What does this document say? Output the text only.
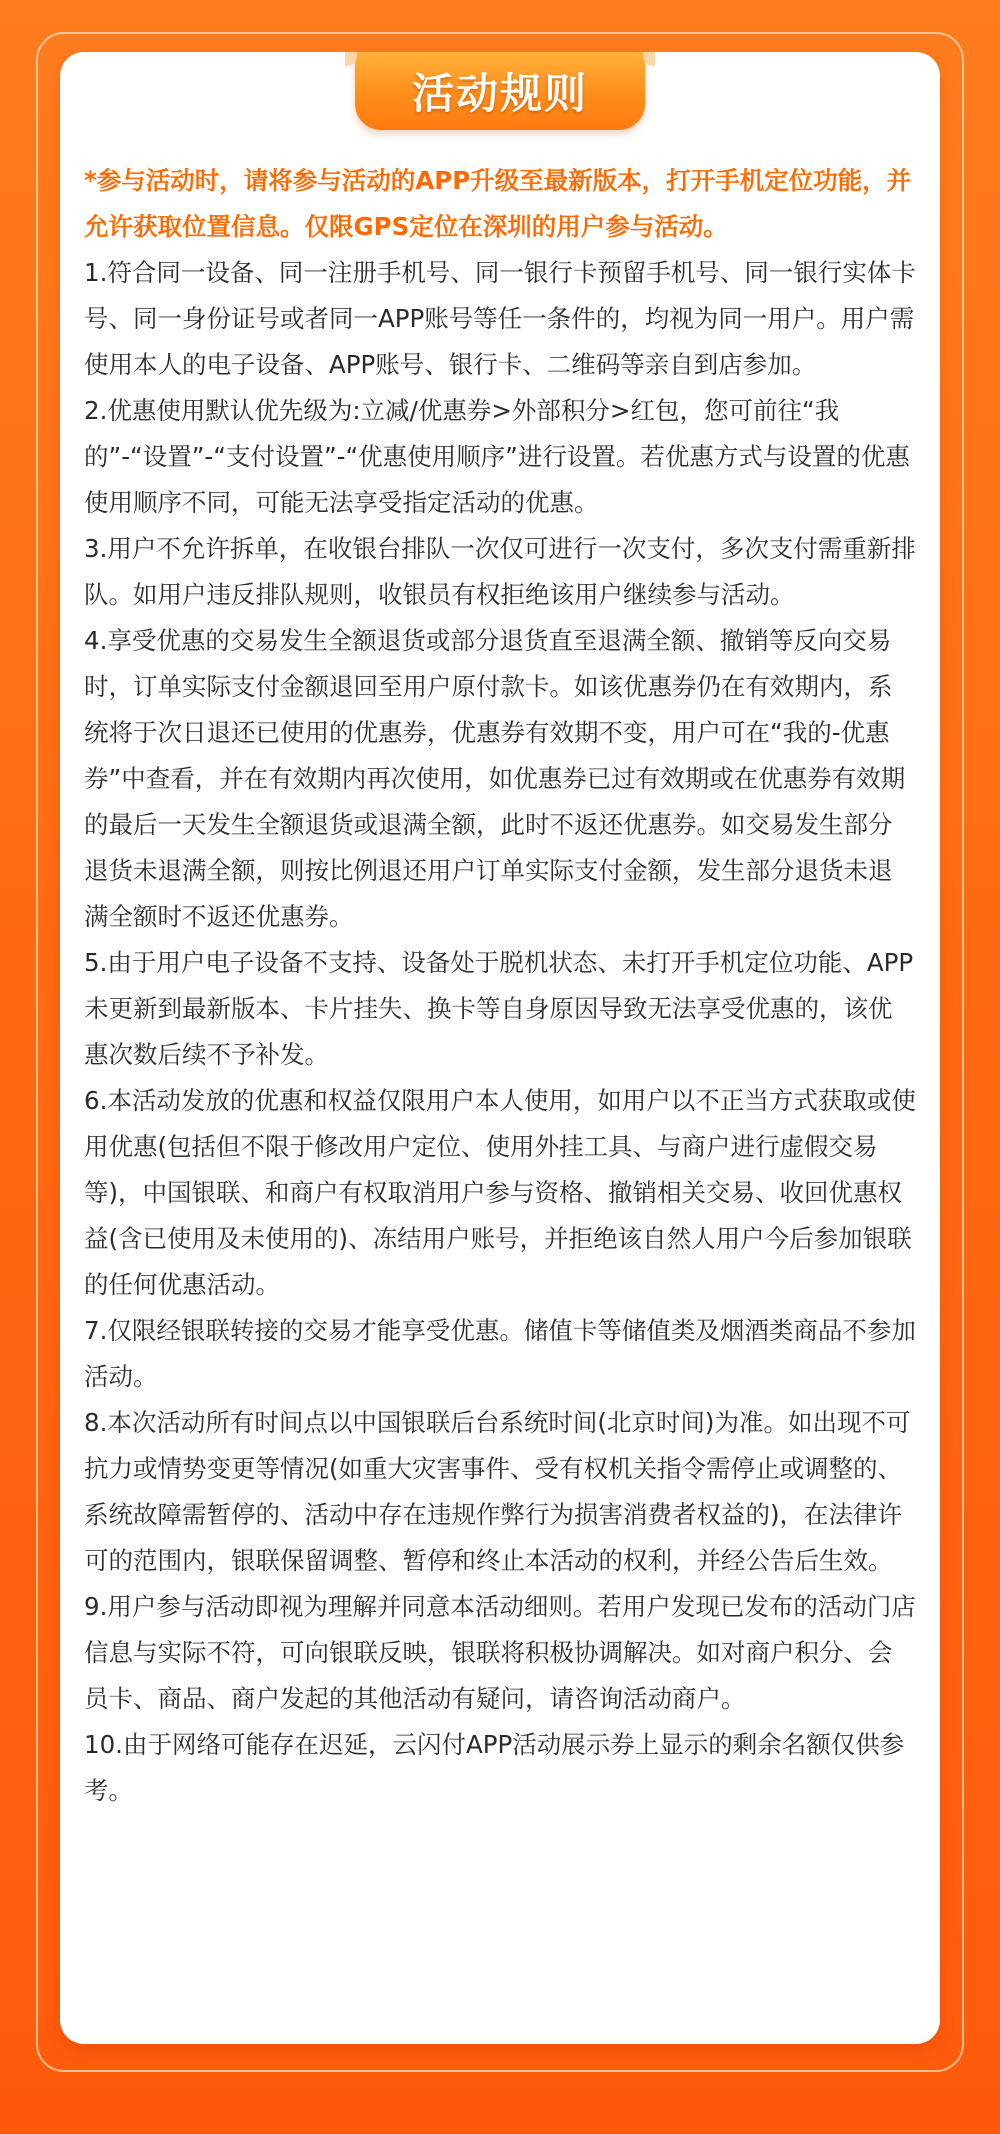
活动规则

*参与活动时，请将参与活动的APP升级至最新版本，打开手机定位功能，并允许获取位置信息。仅限GPS定位在深圳的用户参与活动。

1.符合同一设备、同一注册手机号、同一银行卡预留手机号、同一银行实体卡号、同一身份证号或者同一APP账号等任一条件的，均视为同一用户。用户需使用本人的电子设备、APP账号、银行卡、二维码等亲自到店参加。

2.优惠使用默认优先级为:立减/优惠券>外部积分>红包，您可前往“我的”-“设置”-“支付设置”-“优惠使用顺序”进行设置。若优惠方式与设置的优惠使用顺序不同，可能无法享受指定活动的优惠。

3.用户不允许拆单，在收银台排队一次仅可进行一次支付，多次支付需重新排队。如用户违反排队规则，收银员有权拒绝该用户继续参与活动。

4.享受优惠的交易发生全额退货或部分退货直至退满全额、撤销等反向交易时，订单实际支付金额退回至用户原付款卡。如该优惠券仍在有效期内，系统将于次日退还已使用的优惠券，优惠券有效期不变，用户可在“我的-优惠券”中查看，并在有效期内再次使用，如优惠券已过有效期或在优惠券有效期的最后一天发生全额退货或退满全额，此时不返还优惠券。如交易发生部分退货未退满全额，则按比例退还用户订单实际支付金额，发生部分退货未退满全额时不返还优惠券。

5.由于用户电子设备不支持、设备处于脱机状态、未打开手机定位功能、APP未更新到最新版本、卡片挂失、换卡等自身原因导致无法享受优惠的，该优惠次数后续不予补发。

6.本活动发放的优惠和权益仅限用户本人使用，如用户以不正当方式获取或使用优惠(包括但不限于修改用户定位、使用外挂工具、与商户进行虚假交易等)，中国银联、和商户有权取消用户参与资格、撤销相关交易、收回优惠权益(含已使用及未使用的)、冻结用户账号，并拒绝该自然人用户今后参加银联的任何优惠活动。

7.仅限经银联转接的交易才能享受优惠。储值卡等储值类及烟酒类商品不参加活动。

8.本次活动所有时间点以中国银联后台系统时间(北京时间)为准。如出现不可抗力或情势变更等情况(如重大灾害事件、受有权机关指令需停止或调整的、系统故障需暂停的、活动中存在违规作弊行为损害消费者权益的)，在法律许可的范围内，银联保留调整、暂停和终止本活动的权利，并经公告后生效。

9.用户参与活动即视为理解并同意本活动细则。若用户发现已发布的活动门店信息与实际不符，可向银联反映，银联将积极协调解决。如对商户积分、会员卡、商品、商户发起的其他活动有疑问，请咨询活动商户。

10.由于网络可能存在迟延，云闪付APP活动展示券上显示的剩余名额仅供参考。
